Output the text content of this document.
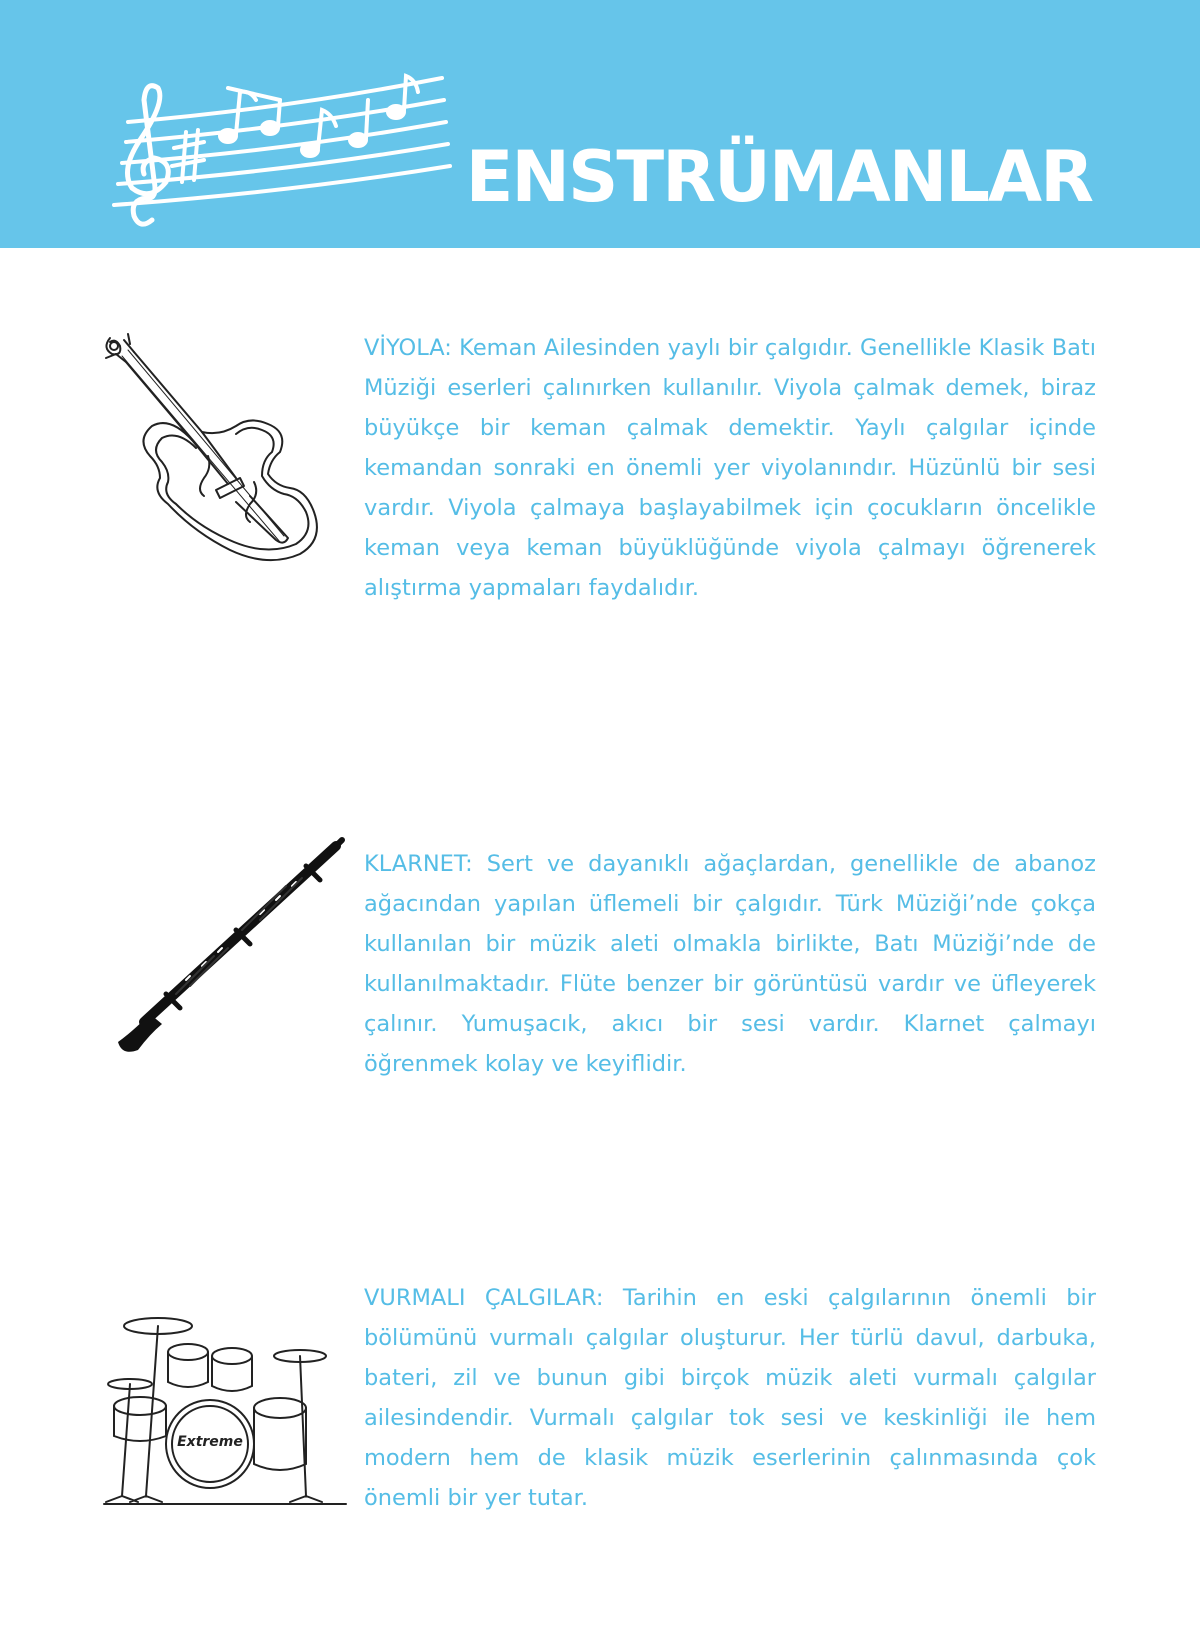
ENSTRÜMANLAR

VİYOLA: Keman Ailesinden yaylı bir çalgıdır. Genellikle Klasik Batı Müziği eserleri çalınırken kullanılır. Viyola çalmak demek, biraz büyükçe bir keman çalmak demektir. Yaylı çalgılar içinde kemandan sonraki en önemli yer viyolanındır. Hüzünlü bir sesi vardır. Viyola çalmaya başlayabilmek için çocukların öncelikle keman veya keman büyüklüğünde viyola çalmayı öğrenerek alıştırma yapmaları faydalıdır.

KLARNET: Sert ve dayanıklı ağaçlardan, genellikle de abanoz ağacından yapılan üflemeli bir çalgıdır. Türk Müziği’nde çokça kullanılan bir müzik aleti olmakla birlikte, Batı Müziği’nde de kullanılmaktadır. Flüte benzer bir görüntüsü vardır ve üfleyerek çalınır. Yumuşacık, akıcı bir sesi vardır. Klarnet çalmayı öğrenmek kolay ve keyiflidir.

Extreme

VURMALI ÇALGILAR: Tarihin en eski çalgılarının önemli bir bölümünü vurmalı çalgılar oluşturur. Her türlü davul, darbuka, bateri, zil ve bunun gibi birçok müzik aleti vurmalı çalgılar ailesindendir. Vurmalı çalgılar tok sesi ve keskinliği ile hem modern hem de klasik müzik eserlerinin çalınmasında çok önemli bir yer tutar.
